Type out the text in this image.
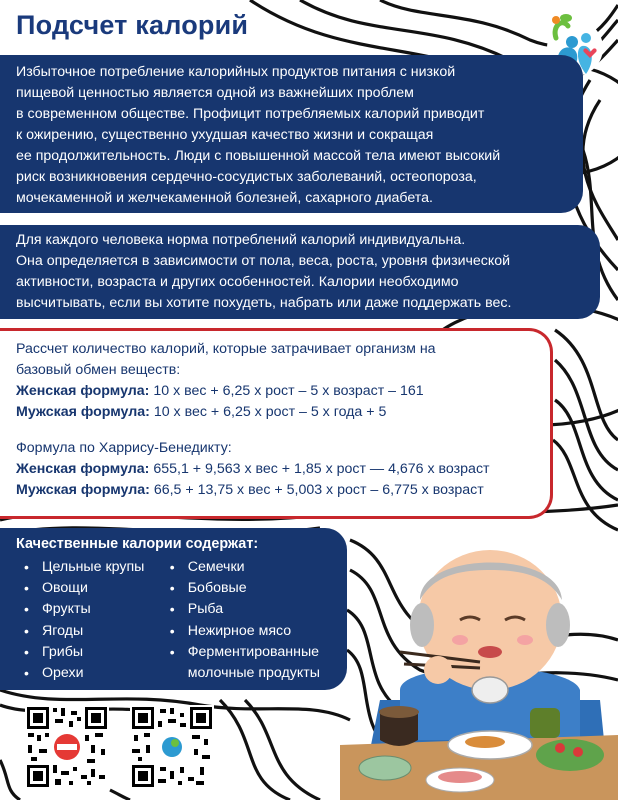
Подсчет калорий
Избыточное потребление калорийных продуктов питания с низкой
пищевой ценностью является одной из важнейших проблем
в современном обществе. Профицит потребляемых калорий приводит
к ожирению, существенно ухудшая качество жизни и сокращая
ее продолжительность. Люди с повышенной массой тела имеют высокий
риск возникновения сердечно-сосудистых заболеваний, остеопороза,
мочекаменной и желчекаменной болезней, сахарного диабета.
Для каждого человека норма потреблений калорий индивидуальна.
Она определяется в зависимости от пола, веса, роста, уровня физической
активности, возраста и других особенностей. Калории необходимо
высчитывать, если вы хотите похудеть, набрать или даже поддержать вес.
Рассчет количество калорий, которые затрачивает организм на
базовый обмен веществ:
Женская формула: 10 х вес + 6,25 х рост – 5 х возраст – 161
Мужская формула: 10 х вес + 6,25 х рост – 5 х года + 5
Формула по Харрису-Бенедикту:
Женская формула: 655,1 + 9,563 х вес + 1,85 х рост — 4,676 х возраст
Мужская формула: 66,5 + 13,75 х вес + 5,003 х рост – 6,775 х возраст
Качественные калории содержат:
• Цельные крупы
• Овощи
• Фрукты
• Ягоды
• Грибы
• Орехи
• Семечки
• Бобовые
• Рыба
• Нежирное мясо
• Ферментированные
молочные продукты
